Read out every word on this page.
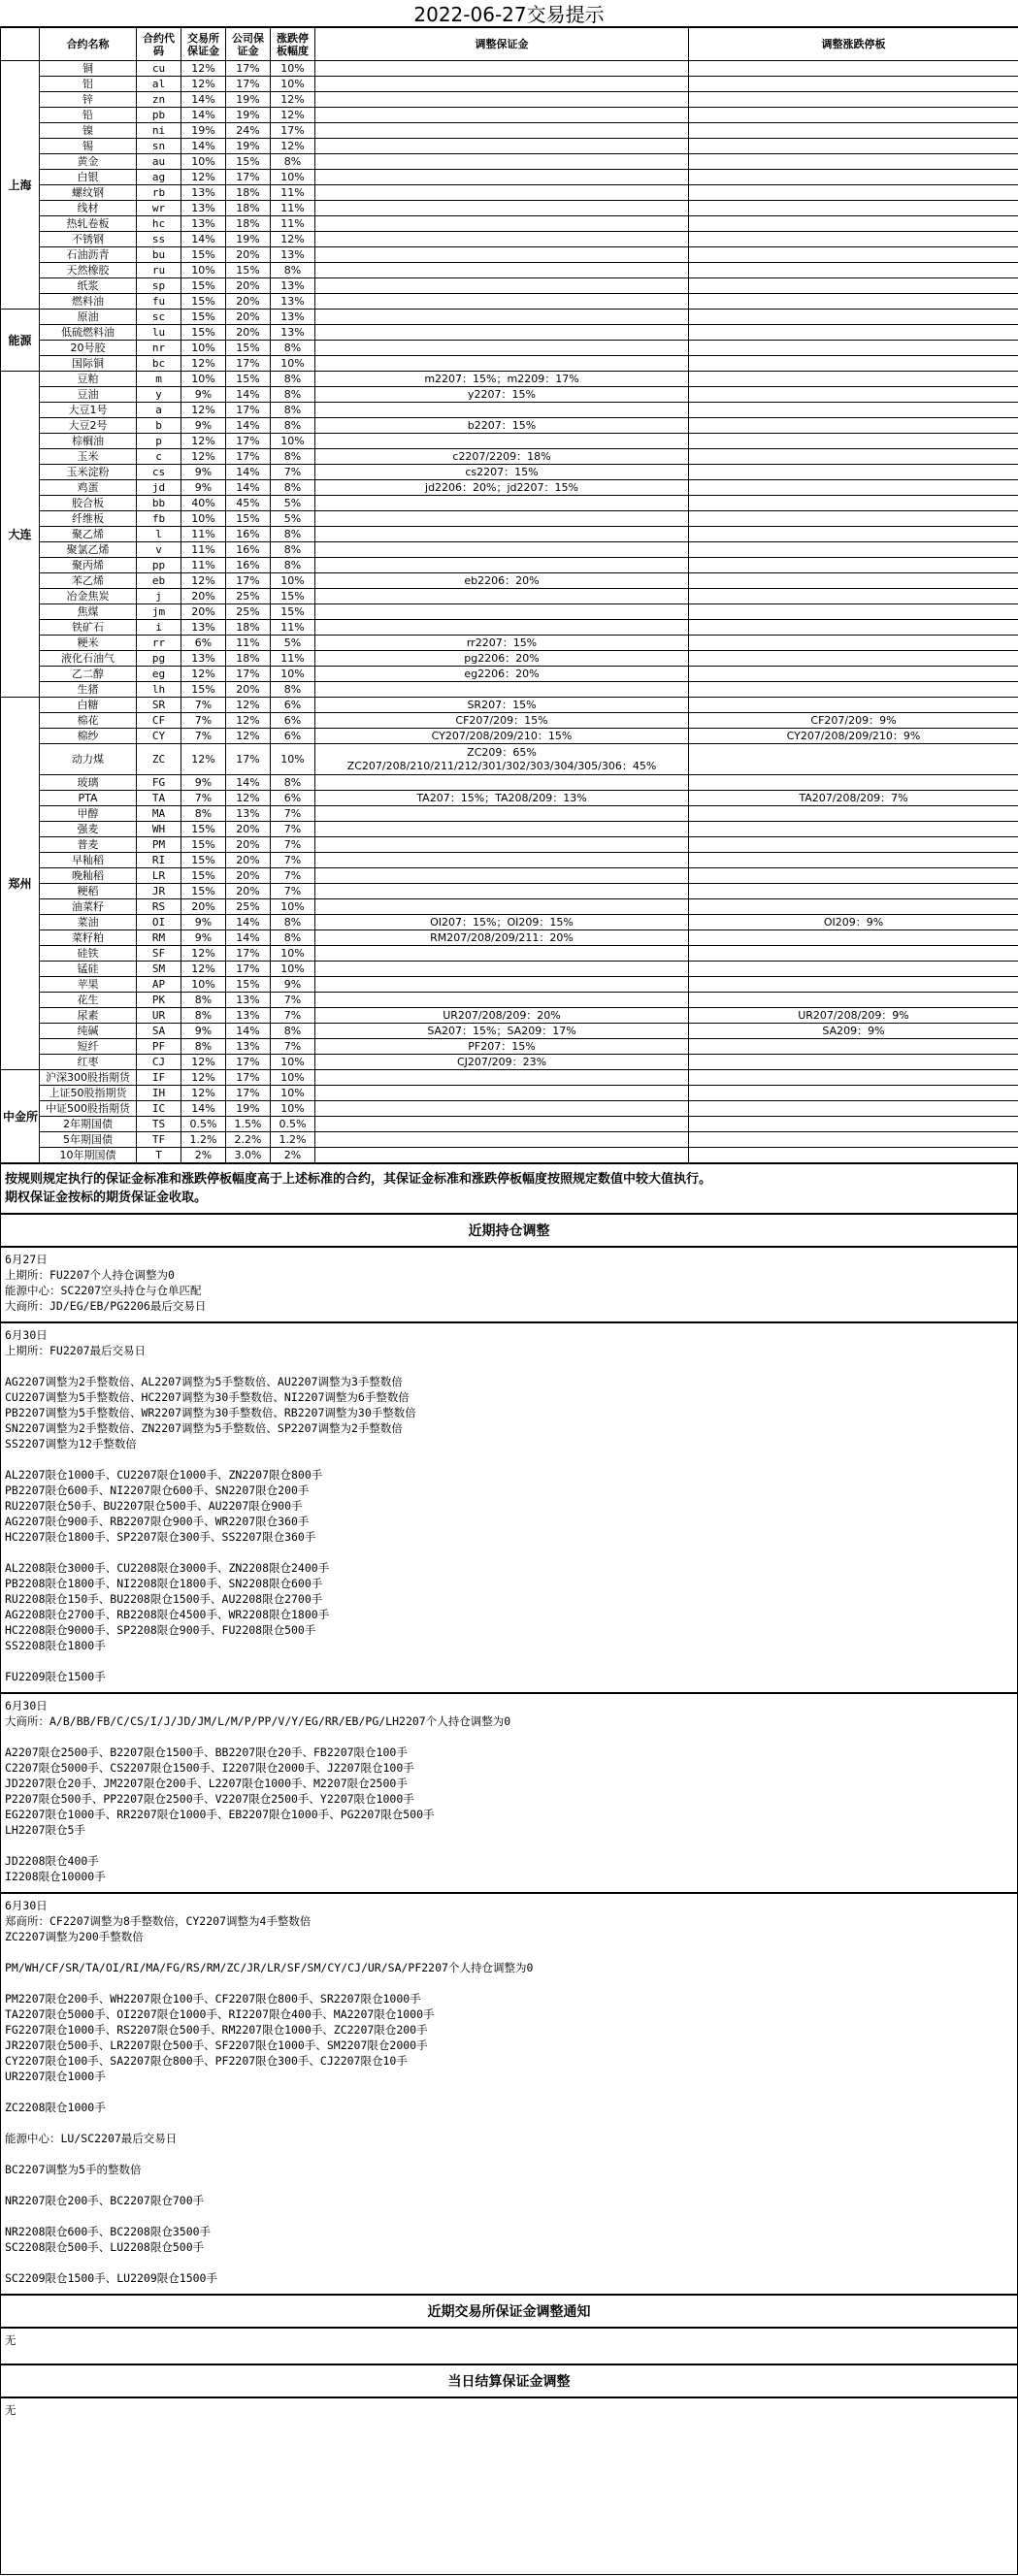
2022-06-27交易提示
	合约名称	合约代码	交易所保证金	公司保证金	涨跌停板幅度	调整保证金	调整涨跌停板
上海	铜	cu	12%	17%	10%		
	铝	al	12%	17%	10%		
	锌	zn	14%	19%	12%		
	铅	pb	14%	19%	12%		
	镍	ni	19%	24%	17%		
	锡	sn	14%	19%	12%		
	黄金	au	10%	15%	8%		
	白银	ag	12%	17%	10%		
	螺纹钢	rb	13%	18%	11%		
	线材	wr	13%	18%	11%		
	热轧卷板	hc	13%	18%	11%		
	不锈钢	ss	14%	19%	12%		
	石油沥青	bu	15%	20%	13%		
	天然橡胶	ru	10%	15%	8%		
	纸浆	sp	15%	20%	13%		
	燃料油	fu	15%	20%	13%		
能源	原油	sc	15%	20%	13%		
	低硫燃料油	lu	15%	20%	13%		
	20号胶	nr	10%	15%	8%		
	国际铜	bc	12%	17%	10%		
大连	豆粕	m	10%	15%	8%	m2207：15%；m2209：17%	
	豆油	y	9%	14%	8%	y2207：15%	
	大豆1号	a	12%	17%	8%		
	大豆2号	b	9%	14%	8%	b2207：15%	
	棕榈油	p	12%	17%	10%		
	玉米	c	12%	17%	8%	c2207/2209：18%	
	玉米淀粉	cs	9%	14%	7%	cs2207：15%	
	鸡蛋	jd	9%	14%	8%	jd2206：20%；jd2207：15%	
	胶合板	bb	40%	45%	5%		
	纤维板	fb	10%	15%	5%		
	聚乙烯	l	11%	16%	8%		
	聚氯乙烯	v	11%	16%	8%		
	聚丙烯	pp	11%	16%	8%		
	苯乙烯	eb	12%	17%	10%	eb2206：20%	
	冶金焦炭	j	20%	25%	15%		
	焦煤	jm	20%	25%	15%		
	铁矿石	i	13%	18%	11%		
	粳米	rr	6%	11%	5%	rr2207：15%	
	液化石油气	pg	13%	18%	11%	pg2206：20%	
	乙二醇	eg	12%	17%	10%	eg2206：20%	
	生猪	lh	15%	20%	8%		
郑州	白糖	SR	7%	12%	6%	SR207：15%	
	棉花	CF	7%	12%	6%	CF207/209：15%	CF207/209：9%
	棉纱	CY	7%	12%	6%	CY207/208/209/210：15%	CY207/208/209/210：9%
	动力煤	ZC	12%	17%	10%	ZC209：65%
ZC207/208/210/211/212/301/302/303/304/305/306：45%	
	玻璃	FG	9%	14%	8%		
	PTA	TA	7%	12%	6%	TA207：15%；TA208/209：13%	TA207/208/209：7%
	甲醇	MA	8%	13%	7%		
	强麦	WH	15%	20%	7%		
	普麦	PM	15%	20%	7%		
	早籼稻	RI	15%	20%	7%		
	晚籼稻	LR	15%	20%	7%		
	粳稻	JR	15%	20%	7%		
	油菜籽	RS	20%	25%	10%		
	菜油	OI	9%	14%	8%	OI207：15%；OI209：15%	OI209：9%
	菜籽粕	RM	9%	14%	8%	RM207/208/209/211：20%	
	硅铁	SF	12%	17%	10%		
	锰硅	SM	12%	17%	10%		
	苹果	AP	10%	15%	9%		
	花生	PK	8%	13%	7%		
	尿素	UR	8%	13%	7%	UR207/208/209：20%	UR207/208/209：9%
	纯碱	SA	9%	14%	8%	SA207：15%；SA209：17%	SA209：9%
	短纤	PF	8%	13%	7%	PF207：15%	
	红枣	CJ	12%	17%	10%	CJ207/209：23%	
中金所	沪深300股指期货	IF	12%	17%	10%		
	上证50股指期货	IH	12%	17%	10%		
	中证500股指期货	IC	14%	19%	10%		
	2年期国债	TS	0.5%	1.5%	0.5%		
	5年期国债	TF	1.2%	2.2%	1.2%		
	10年期国债	T	2%	3.0%	2%		
按规则规定执行的保证金标准和涨跌停板幅度高于上述标准的合约，其保证金标准和涨跌停板幅度按照规定数值中较大值执行。
期权保证金按标的期货保证金收取。
近期持仓调整
6月27日
上期所：FU2207个人持仓调整为0
能源中心：SC2207空头持仓与仓单匹配
大商所：JD/EG/EB/PG2206最后交易日
6月30日
上期所：FU2207最后交易日

AG2207调整为2手整数倍、AL2207调整为5手整数倍、AU2207调整为3手整数倍
CU2207调整为5手整数倍、HC2207调整为30手整数倍、NI2207调整为6手整数倍
PB2207调整为5手整数倍、WR2207调整为30手整数倍、RB2207调整为30手整数倍
SN2207调整为2手整数倍、ZN2207调整为5手整数倍、SP2207调整为2手整数倍
SS2207调整为12手整数倍

AL2207限仓1000手、CU2207限仓1000手、ZN2207限仓800手
PB2207限仓600手、NI2207限仓600手、SN2207限仓200手
RU2207限仓50手、BU2207限仓500手、AU2207限仓900手
AG2207限仓900手、RB2207限仓900手、WR2207限仓360手
HC2207限仓1800手、SP2207限仓300手、SS2207限仓360手

AL2208限仓3000手、CU2208限仓3000手、ZN2208限仓2400手
PB2208限仓1800手、NI2208限仓1800手、SN2208限仓600手
RU2208限仓150手、BU2208限仓1500手、AU2208限仓2700手
AG2208限仓2700手、RB2208限仓4500手、WR2208限仓1800手
HC2208限仓9000手、SP2208限仓900手、FU2208限仓500手
SS2208限仓1800手

FU2209限仓1500手
6月30日
大商所：A/B/BB/FB/C/CS/I/J/JD/JM/L/M/P/PP/V/Y/EG/RR/EB/PG/LH2207个人持仓调整为0

A2207限仓2500手、B2207限仓1500手、BB2207限仓20手、FB2207限仓100手
C2207限仓5000手、CS2207限仓1500手、I2207限仓2000手、J2207限仓100手
JD2207限仓20手、JM2207限仓200手、L2207限仓1000手、M2207限仓2500手
P2207限仓500手、PP2207限仓2500手、V2207限仓2500手、Y2207限仓1000手
EG2207限仓1000手、RR2207限仓1000手、EB2207限仓1000手、PG2207限仓500手
LH2207限仓5手

JD2208限仓400手
I2208限仓10000手
6月30日
郑商所：CF2207调整为8手整数倍，CY2207调整为4手整数倍
ZC2207调整为200手整数倍

PM/WH/CF/SR/TA/OI/RI/MA/FG/RS/RM/ZC/JR/LR/SF/SM/CY/CJ/UR/SA/PF2207个人持仓调整为0

PM2207限仓200手、WH2207限仓100手、CF2207限仓800手、SR2207限仓1000手
TA2207限仓5000手、OI2207限仓1000手、RI2207限仓400手、MA2207限仓1000手
FG2207限仓1000手、RS2207限仓500手、RM2207限仓1000手、ZC2207限仓200手
JR2207限仓500手、LR2207限仓500手、SF2207限仓1000手、SM2207限仓2000手
CY2207限仓100手、SA2207限仓800手、PF2207限仓300手、CJ2207限仓10手
UR2207限仓1000手

ZC2208限仓1000手

能源中心：LU/SC2207最后交易日

BC2207调整为5手的整数倍

NR2207限仓200手、BC2207限仓700手

NR2208限仓600手、BC2208限仓3500手
SC2208限仓500手、LU2208限仓500手

SC2209限仓1500手、LU2209限仓1500手
近期交易所保证金调整通知
无
当日结算保证金调整
无
